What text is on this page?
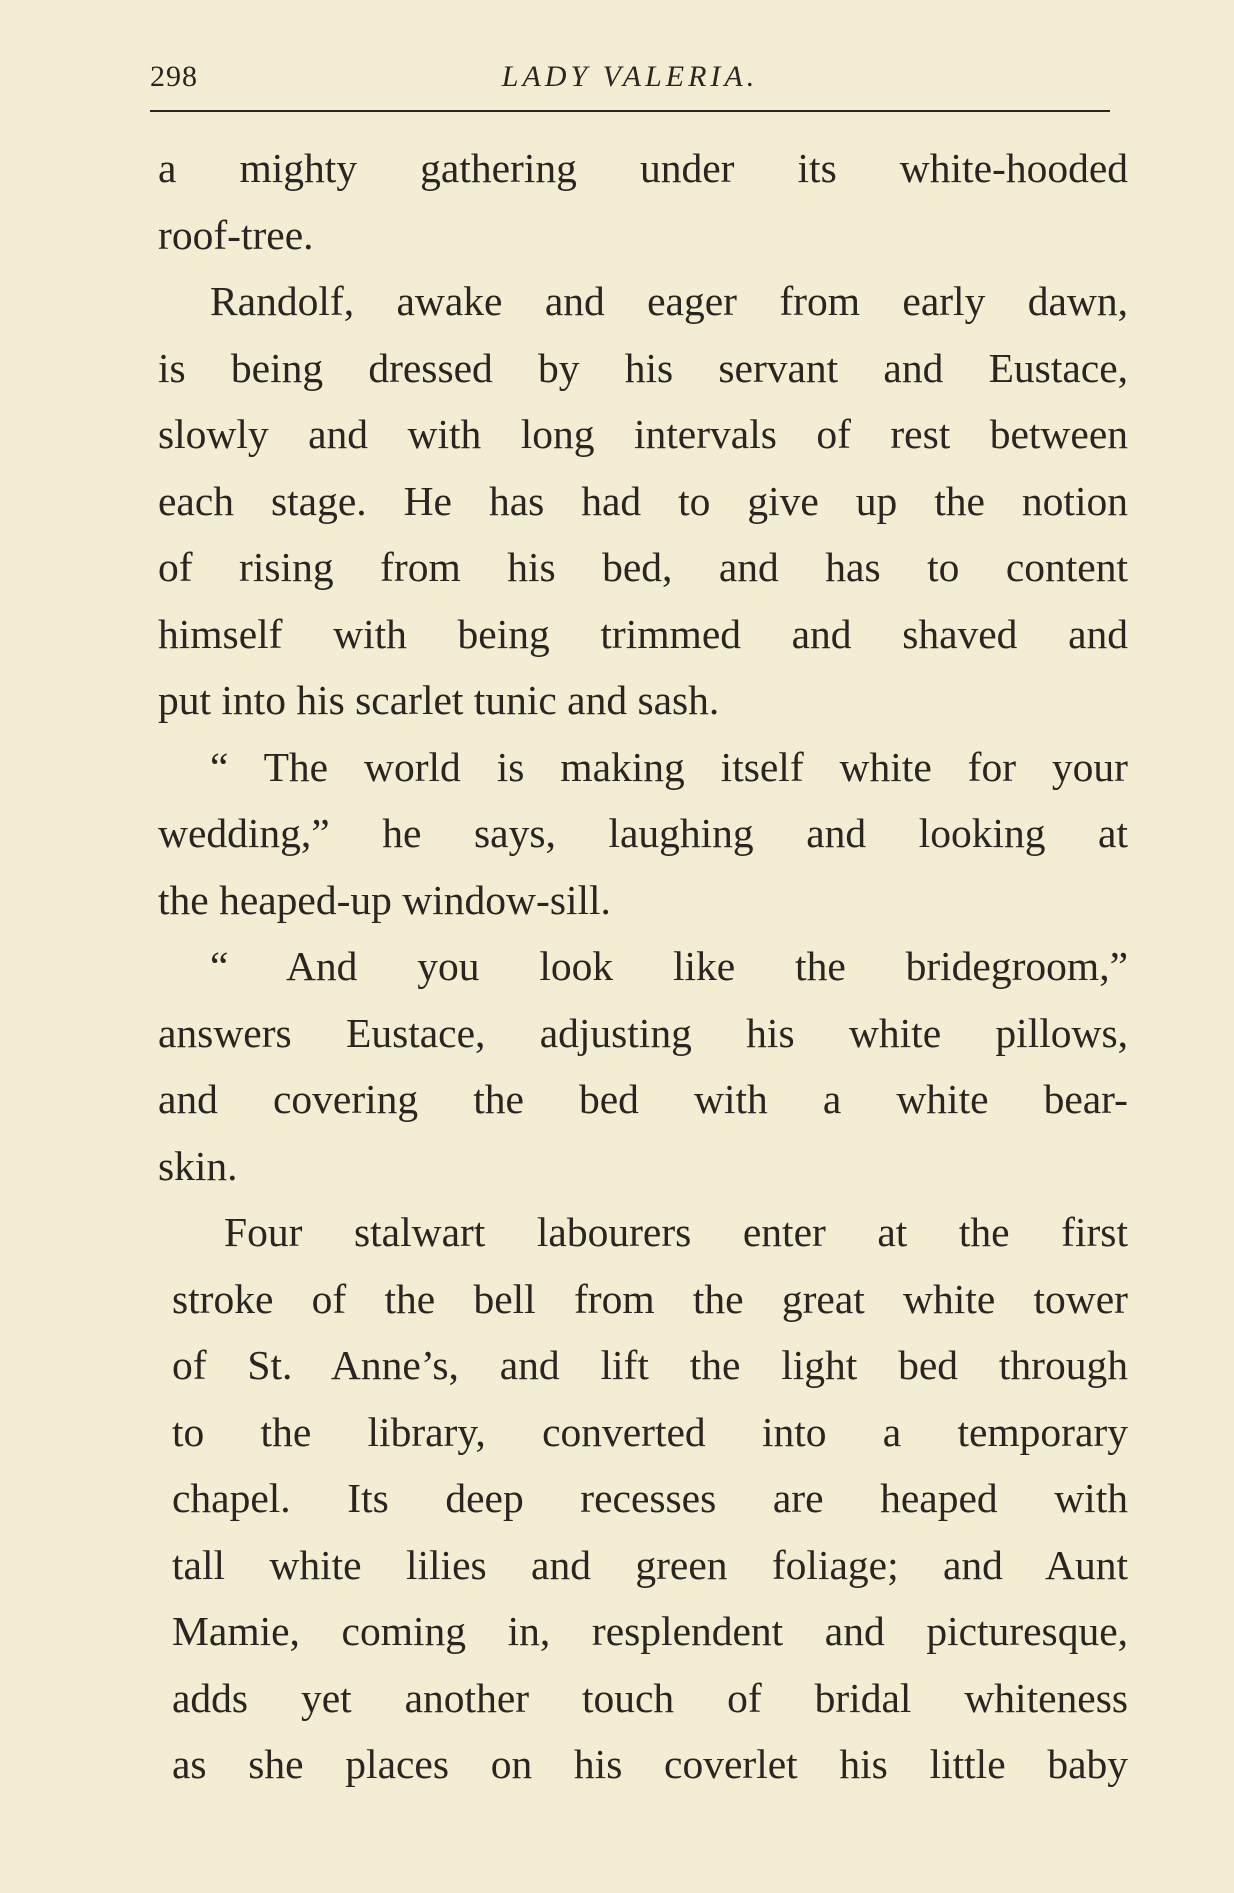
298	LADY VALERIA.
a mighty gathering under its white-hooded
roof-tree.
Randolf, awake and eager from early dawn,
is being dressed by his servant and Eustace,
slowly and with long intervals of rest between
each stage. He has had to give up the notion
of rising from his bed, and has to content
himself with being trimmed and shaved and
put into his scarlet tunic and sash.
“ The world is making itself white for your
wedding,” he says, laughing and looking at
the heaped-up window-sill.
“ And you look like the bridegroom,”
answers Eustace, adjusting his white pillows,
and covering the bed with a white bear-
skin.
Four stalwart labourers enter at the first
stroke of the bell from the great white tower
of St. Anne’s, and lift the light bed through
to the library, converted into a temporary
chapel. Its deep recesses are heaped with
tall white lilies and green foliage; and Aunt
Mamie, coming in, resplendent and picturesque,
adds yet another touch of bridal whiteness
as she places on his coverlet his little baby
